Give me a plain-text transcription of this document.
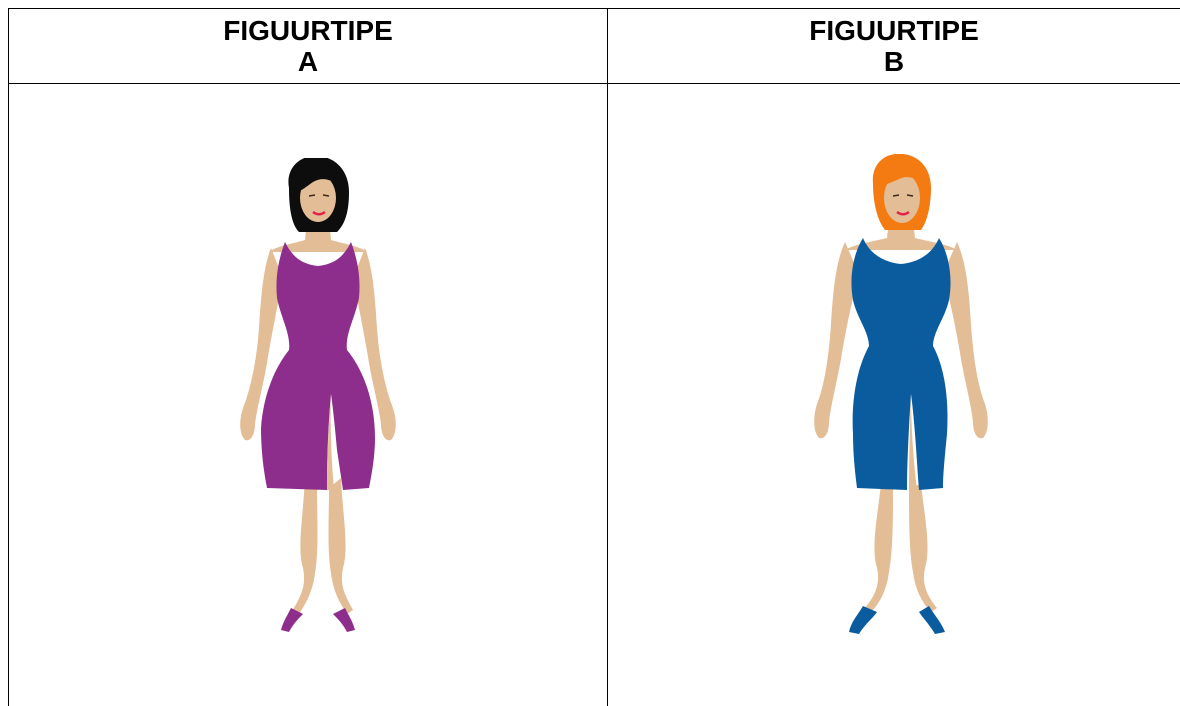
FIGUURTIPE
A
FIGUURTIPE
B
